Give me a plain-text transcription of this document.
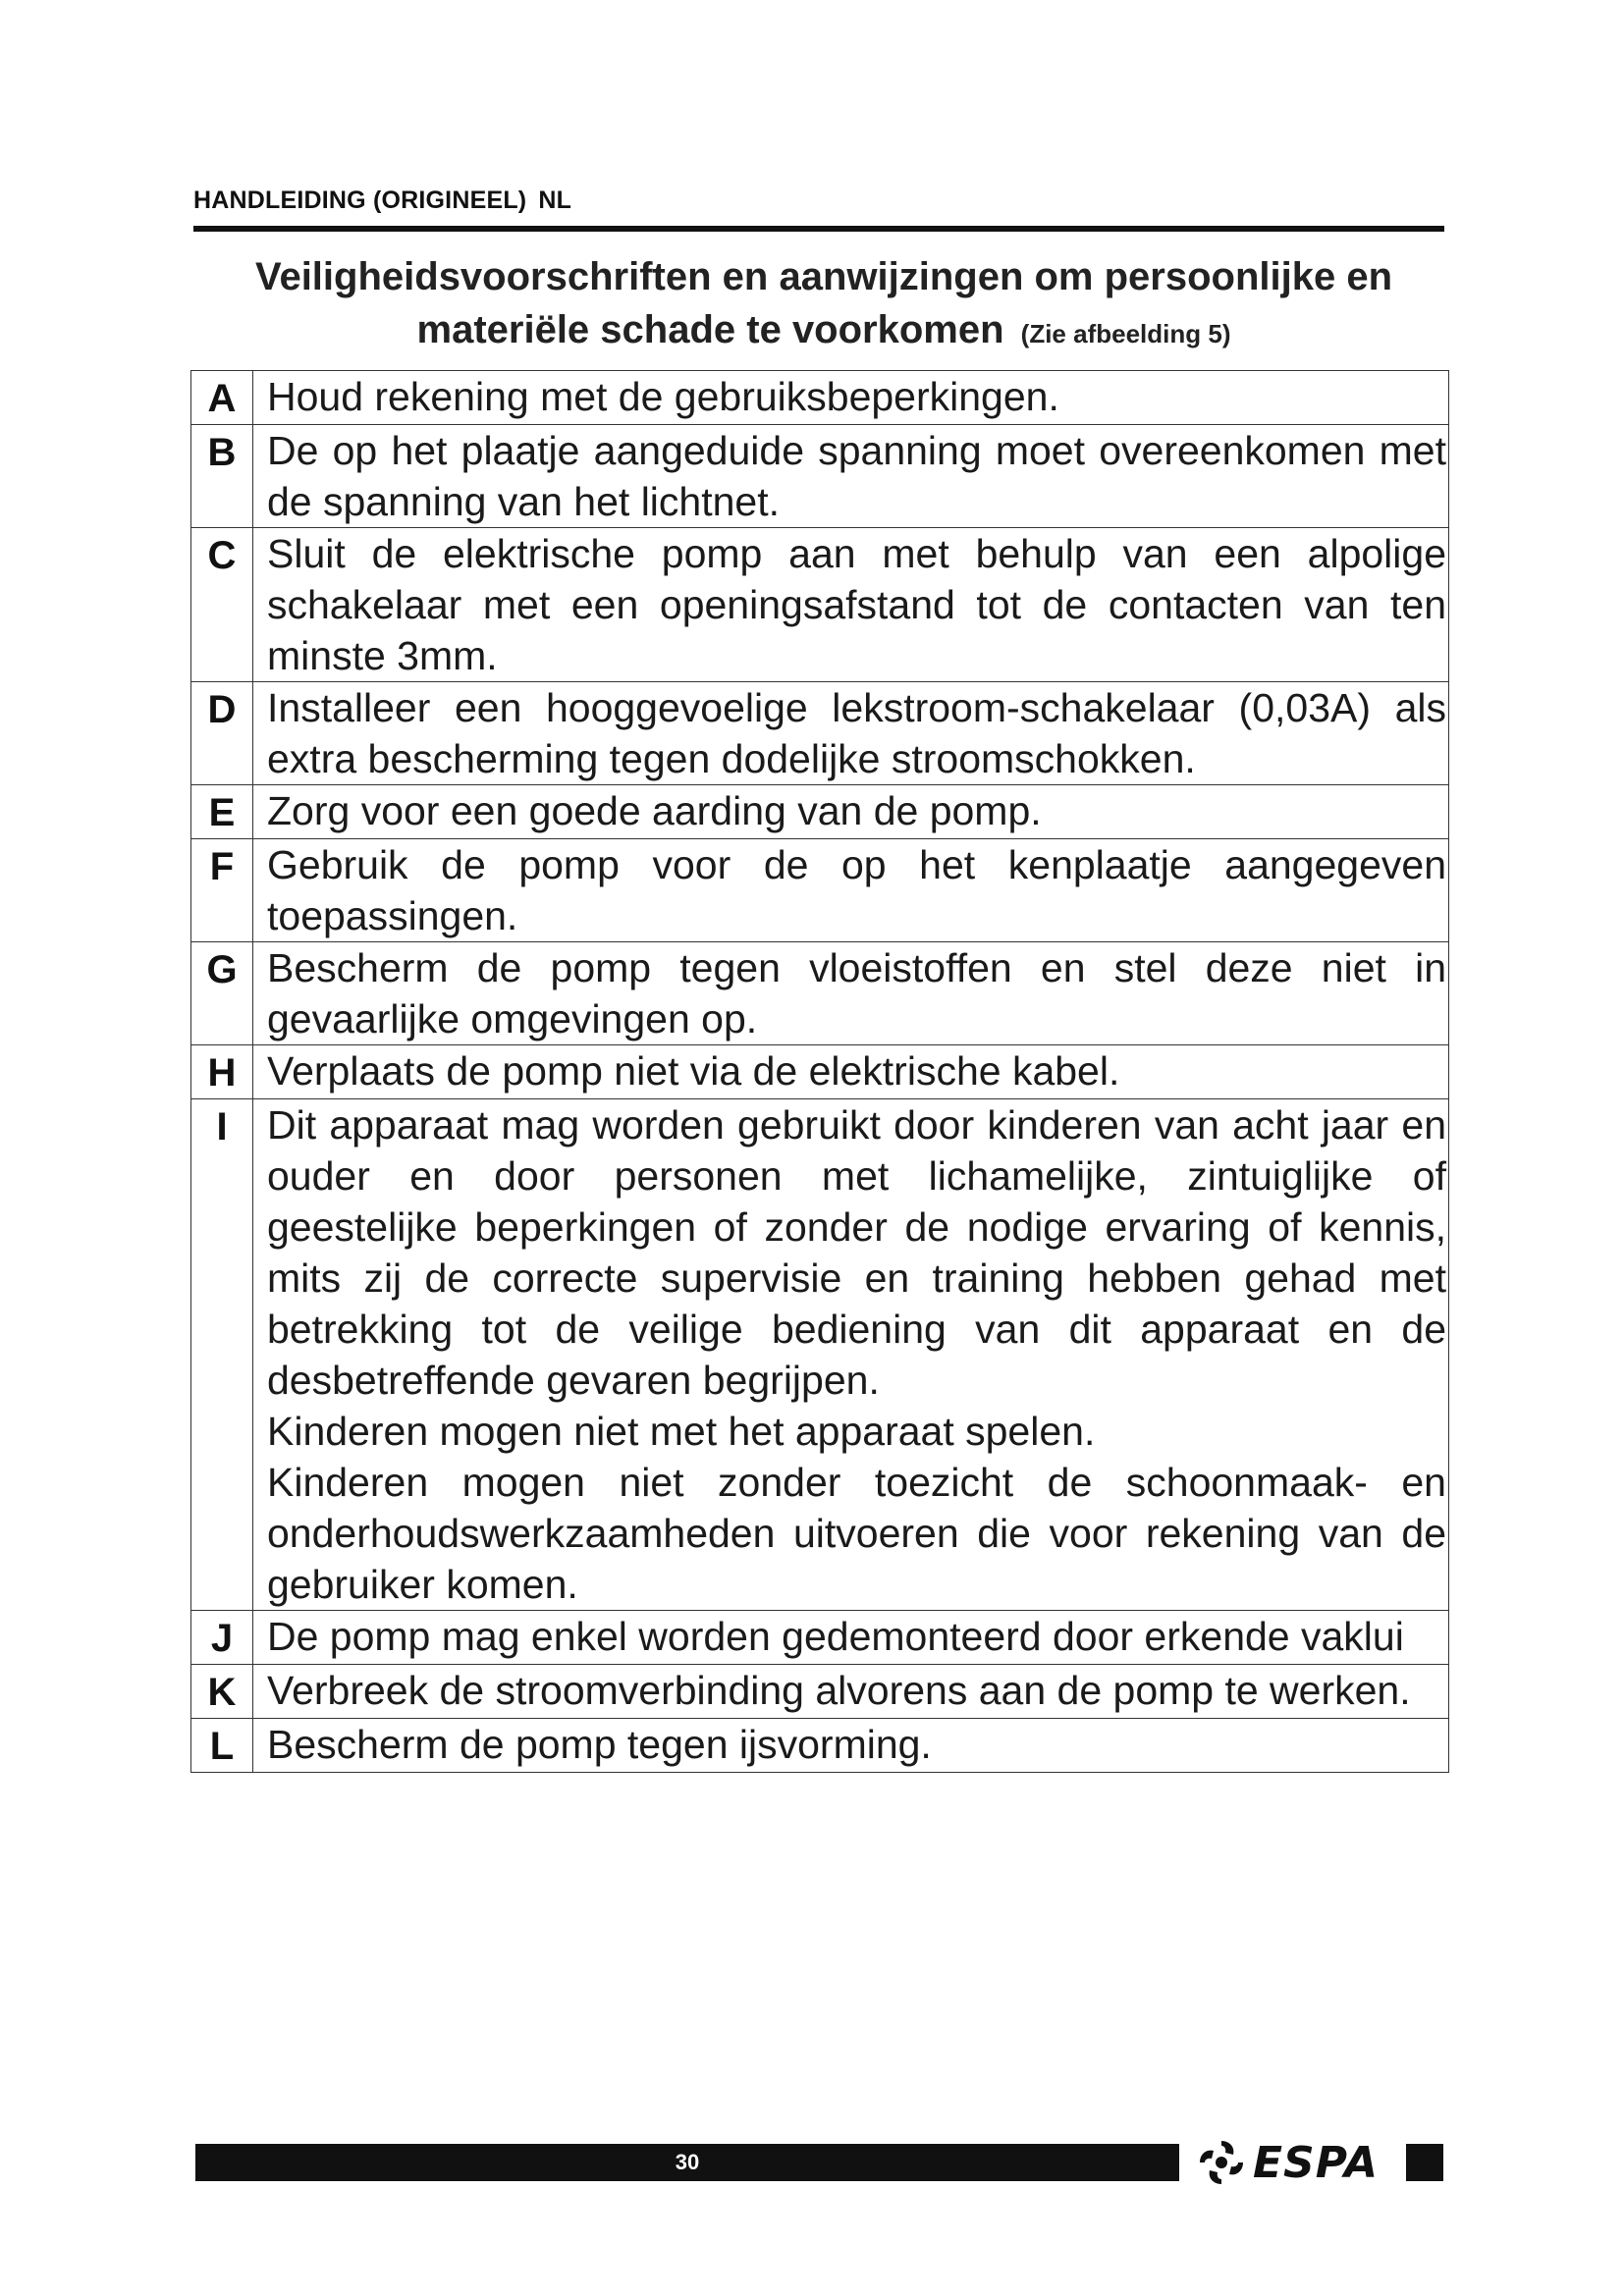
HANDLEIDING (ORIGINEEL) NL
Veiligheidsvoorschriften en aanwijzingen om persoonlijke en materiële schade te voorkomen (Zie afbeelding 5)
A	Houd rekening met de gebruiksbeperkingen.

B	De op het plaatje aangeduide spanning moet overeenkomen met de spanning van het lichtnet.

C	Sluit de elektrische pomp aan met behulp van een alpolige schakelaar met een openingsafstand tot de contacten van ten minste 3mm.

D	Installeer een hooggevoelige lekstroom-schakelaar (0,03A) als extra bescherming tegen dodelijke stroomschokken.

E	Zorg voor een goede aarding van de pomp.

F	Gebruik de pomp voor de op het kenplaatje aangegeven toepassingen.

G	Bescherm de pomp tegen vloeistoffen en stel deze niet in gevaarlijke omgevingen op.

H	Verplaats de pomp niet via de elektrische kabel.

I	Dit apparaat mag worden gebruikt door kinderen van acht jaar en ouder en door personen met lichamelijke, zintuiglijke of geestelijke beperkingen of zonder de nodige ervaring of kennis, mits zij de correcte supervisie en training hebben gehad met betrekking tot de veilige bediening van dit apparaat en de desbetreffende gevaren begrijpen.
Kinderen mogen niet met het apparaat spelen.
Kinderen mogen niet zonder toezicht de schoonmaak- en onderhoudswerkzaamheden uitvoeren die voor rekening van de gebruiker komen.

J	De pomp mag enkel worden gedemonteerd door erkende vaklui

K	Verbreek de stroomverbinding alvorens aan de pomp te werken.

L	Bescherm de pomp tegen ijsvorming.
30	ESPA
